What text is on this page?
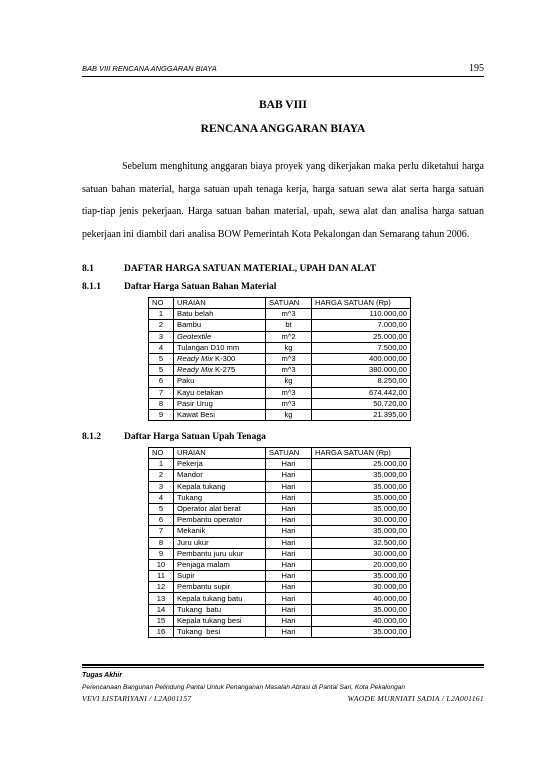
BAB VIII RENCANA ANGGARAN BIAYA	195
BAB VIII
RENCANA ANGGARAN BIAYA
Sebelum menghitung anggaran biaya proyek yang dikerjakan maka perlu diketahui harga satuan bahan material, harga satuan upah tenaga kerja, harga satuan sewa alat serta harga satuan tiap-tiap jenis pekerjaan. Harga satuan bahan material, upah, sewa alat dan analisa harga satuan pekerjaan ini diambil dari analisa BOW Pemerintah Kota Pekalongan dan Semarang tahun 2006.
8.1	DAFTAR HARGA SATUAN MATERIAL, UPAH DAN ALAT
8.1.1 Daftar Harga Satuan Bahan Material
NO	URAIAN	SATUAN	HARGA SATUAN (Rp)
1	Batu belah	m^3	110.000,00
2	Bambu	bt	7.000,00
3	Geotextile	m^2	25.000,00
4	Tulangan D10 mm	kg	7.500,00
5	Ready Mix K-300	m^3	400.000,00
5	Ready Mix K-275	m^3	380.000,00
6	Paku	kg	8.250,00
7	Kayu cetakan	m^3	674.442,00
8	Pasir Urug	m^3	50.720,00
9	Kawat Besi	kg	21.395,00
8.1.2 Daftar Harga Satuan Upah Tenaga
NO	URAIAN	SATUAN	HARGA SATUAN (Rp)
1	Pekerja	Hari	25.000,00
2	Mandor	Hari	35.000,00
3	Kepala tukang	Hari	35.000,00
4	Tukang	Hari	35.000,00
5	Operator alat berat	Hari	35.000,00
6	Pembantu operator	Hari	30.000,00
7	Mekanik	Hari	35.000,00
8	Juru ukur	Hari	32.500,00
9	Pembantu juru ukur	Hari	30.000,00
10	Penjaga malam	Hari	20.000,00
11	Supir	Hari	35.000,00
12	Pembantu supir	Hari	30.000,00
13	Kepala tukang batu	Hari	40.000,00
14	Tukang  batu	Hari	35.000,00
15	Kepala tukang besi	Hari	40.000,00
16	Tukang  besi	Hari	35.000,00
Tugas Akhir
Perencanaan Bangunan Pelindung Pantai Untuk Penanganan Masalah Abrasi di Pantai Sari, Kota Pekalongan
VEVI LISTARIYANI / L2A001157	WAODE MURNIATI SADIA / L2A001161
